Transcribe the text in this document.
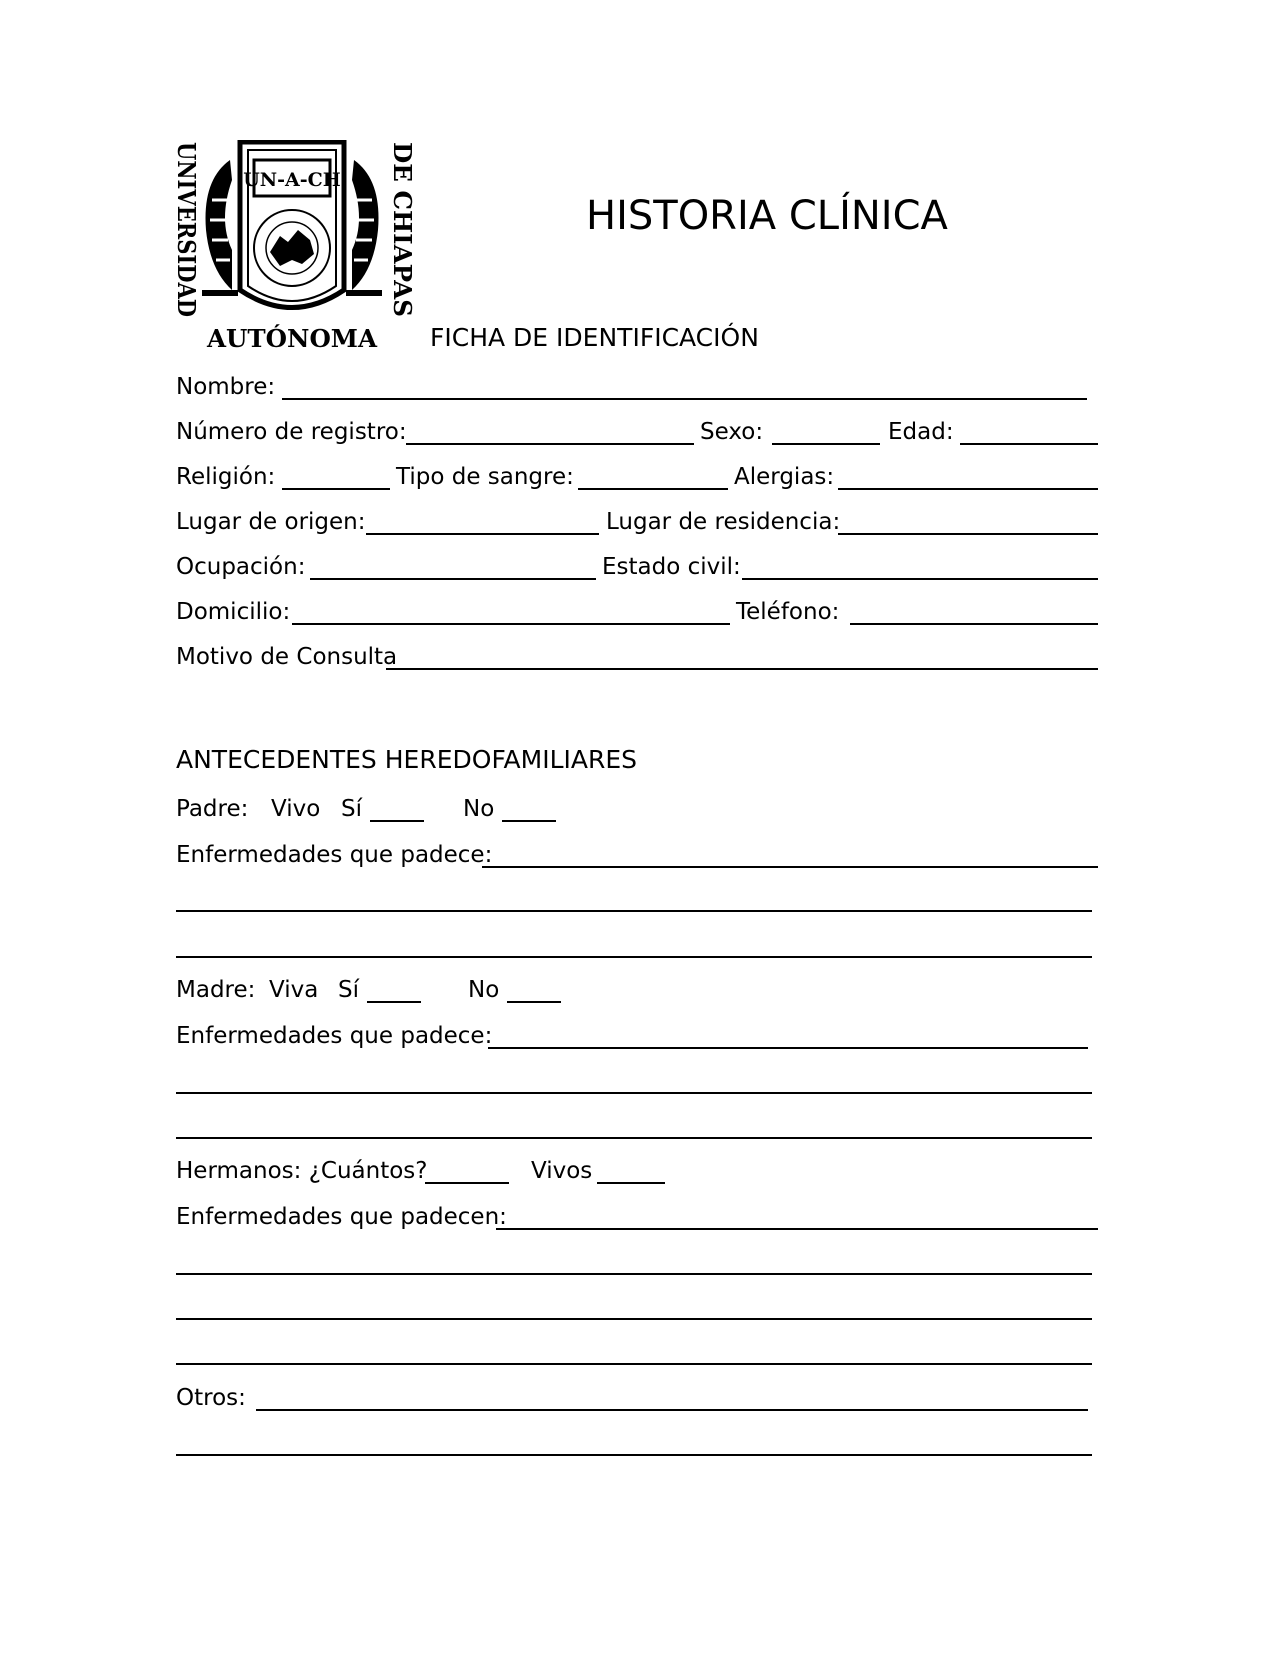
UNIVERSIDAD	DE CHIAPAS
UN-A-CH
AUTÓNOMA
HISTORIA CLÍNICA
FICHA DE IDENTIFICACIÓN
Nombre:
Número de registro:	Sexo:	Edad:
Religión:	Tipo de sangre:	Alergias:
Lugar de origen:	Lugar de residencia:
Ocupación:	Estado civil:
Domicilio:	Teléfono:
Motivo de Consulta
ANTECEDENTES HEREDOFAMILIARES
Padre: Vivo Sí	No
Enfermedades que padece:
Madre: Viva Sí	No
Enfermedades que padece:
Hermanos: ¿Cuántos?	Vivos
Enfermedades que padecen:
Otros:
